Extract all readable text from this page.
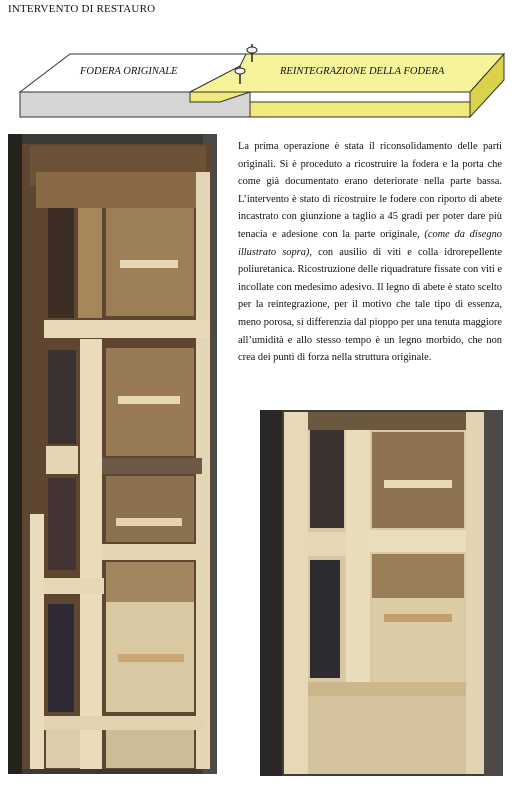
INTERVENTO DI RESTAURO
FODERA ORIGINALE	REINTEGRAZIONE DELLA FODERA
La prima operazione è stata il riconsolidamento delle parti originali. Si è proceduto a ricostruire la fodera e la porta che come già documentato erano deteriorate nella parte bassa. L’intervento è stato di ricostruire le fodere con riporto di abete incastrato con giunzione a taglio a 45 gradi per poter dare più tenacia e adesione con la parte originale, (come da disegno illustrato sopra), con ausilio di viti e colla idrorepellente poliuretanica. Ricostruzione delle riquadrature fissate con viti e incollate con medesimo adesivo. Il legno di abete è stato scelto per la reintegrazione, per il motivo che tale tipo di essenza, meno porosa, si differenzia dal pioppo per una tenuta maggiore all’umidità e allo stesso tempo è un legno morbido, che non crea dei punti di forza nella struttura originale.
